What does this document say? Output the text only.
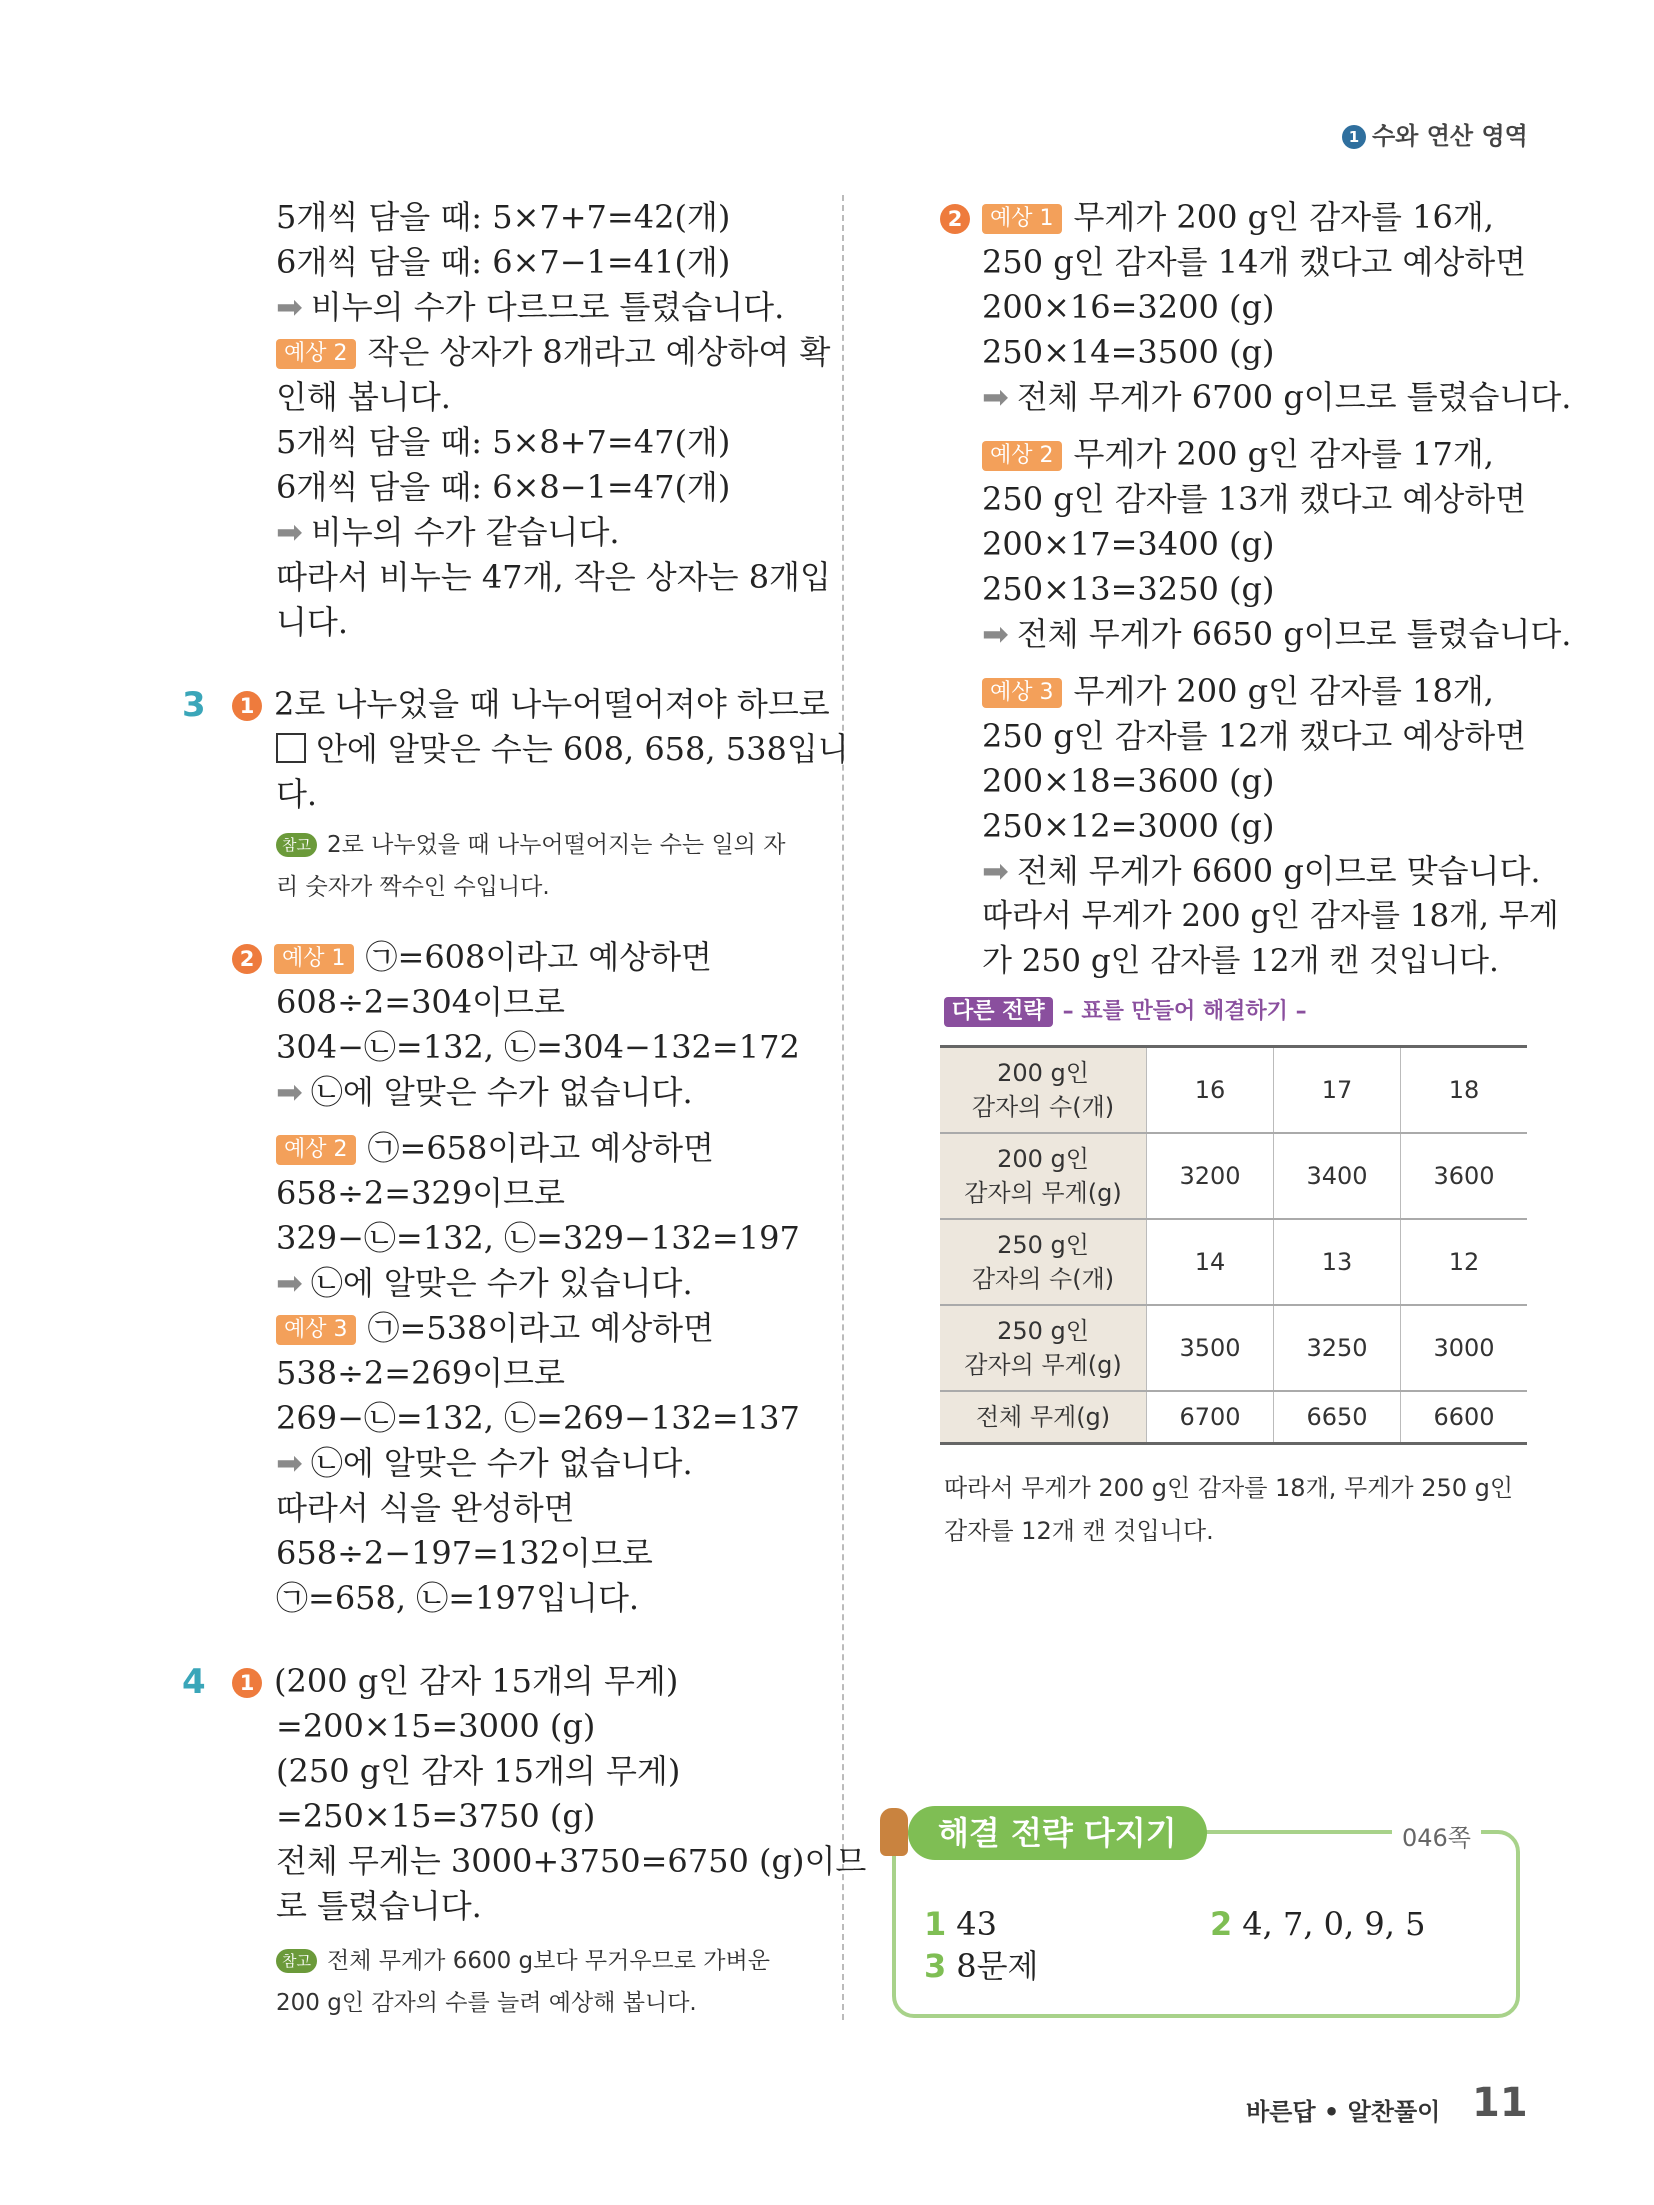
1 수와 연산 영역
5개씩 담을 때: 5×7+7=42(개)
6개씩 담을 때: 6×7−1=41(개)
➡ 비누의 수가 다르므로 틀렸습니다.
예상 2 작은 상자가 8개라고 예상하여 확
인해 봅니다.
5개씩 담을 때: 5×8+7=47(개)
6개씩 담을 때: 6×8−1=47(개)
➡ 비누의 수가 같습니다.
따라서 비누는 47개, 작은 상자는 8개입
니다.
3	1 2로 나누었을 때 나누어떨어져야 하므로
안에 알맞은 수는 608, 658, 538입니
다.
참고 2로 나누었을 때 나누어떨어지는 수는 일의 자
리 숫자가 짝수인 수입니다.
2 예상 1 ㉠=608이라고 예상하면
608÷2=304이므로
304−㉡=132, ㉡=304−132=172
➡ ㉡에 알맞은 수가 없습니다.
예상 2 ㉠=658이라고 예상하면
658÷2=329이므로
329−㉡=132, ㉡=329−132=197
➡ ㉡에 알맞은 수가 있습니다.
예상 3 ㉠=538이라고 예상하면
538÷2=269이므로
269−㉡=132, ㉡=269−132=137
➡ ㉡에 알맞은 수가 없습니다.
따라서 식을 완성하면
658÷2−197=132이므로
㉠=658, ㉡=197입니다.
4	1 (200 g인 감자 15개의 무게)
=200×15=3000 (g)
(250 g인 감자 15개의 무게)
=250×15=3750 (g)
전체 무게는 3000+3750=6750 (g)이므
로 틀렸습니다.
참고 전체 무게가 6600 g보다 무거우므로 가벼운
200 g인 감자의 수를 늘려 예상해 봅니다.
2 예상 1 무게가 200 g인 감자를 16개,
250 g인 감자를 14개 캤다고 예상하면
200×16=3200 (g)
250×14=3500 (g)
➡ 전체 무게가 6700 g이므로 틀렸습니다.
예상 2 무게가 200 g인 감자를 17개,
250 g인 감자를 13개 캤다고 예상하면
200×17=3400 (g)
250×13=3250 (g)
➡ 전체 무게가 6650 g이므로 틀렸습니다.
예상 3 무게가 200 g인 감자를 18개,
250 g인 감자를 12개 캤다고 예상하면
200×18=3600 (g)
250×12=3000 (g)
➡ 전체 무게가 6600 g이므로 맞습니다.
따라서 무게가 200 g인 감자를 18개, 무게
가 250 g인 감자를 12개 캔 것입니다.
다른 전략 – 표를 만들어 해결하기 –
200 g인
감자의 수(개)	16	17	18

200 g인
감자의 무게(g)	3200	3400	3600

250 g인
감자의 수(개)	14	13	12

250 g인
감자의 무게(g)	3500	3250	3000

전체 무게(g)	6700	6650	6600
따라서 무게가 200 g인 감자를 18개, 무게가 250 g인
감자를 12개 캔 것입니다.
해결 전략 다지기	046쪽
1 43	2 4, 7, 0, 9, 5
3 8문제
바른답 • 알찬풀이 11
